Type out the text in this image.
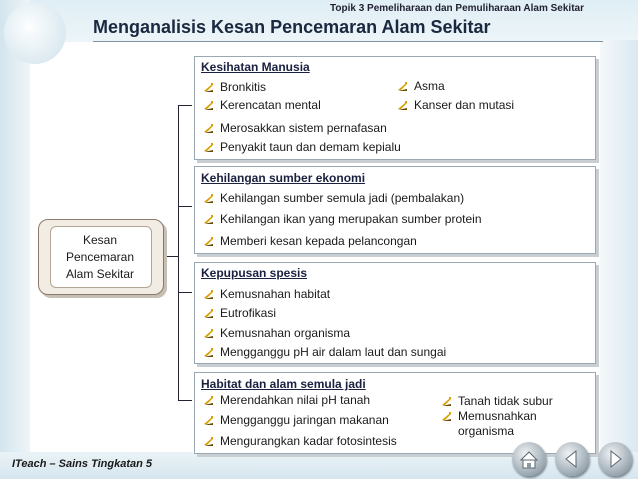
Topik 3 Pemeliharaan dan Pemuliharaan Alam Sekitar
Menganalisis Kesan Pencemaran Alam Sekitar
Kesan
Pencemaran
Alam Sekitar
Kesihatan Manusia
Bronkitis
Kerencatan mental
Asma
Kanser dan mutasi
Merosakkan sistem pernafasan
Penyakit taun dan demam kepialu
Kehilangan sumber ekonomi
Kehilangan sumber semula jadi (pembalakan)
Kehilangan ikan yang merupakan sumber protein
Memberi kesan kepada pelancongan
Kepupusan spesis
Kemusnahan habitat
Eutrofikasi
Kemusnahan organisma
Mengganggu pH air dalam laut dan sungai
Habitat dan alam semula jadi
Merendahkan nilai pH tanah
Mengganggu jaringan makanan
Mengurangkan kadar fotosintesis
Tanah tidak subur
Memusnahkan
organisma
ITeach – Sains Tingkatan 5
